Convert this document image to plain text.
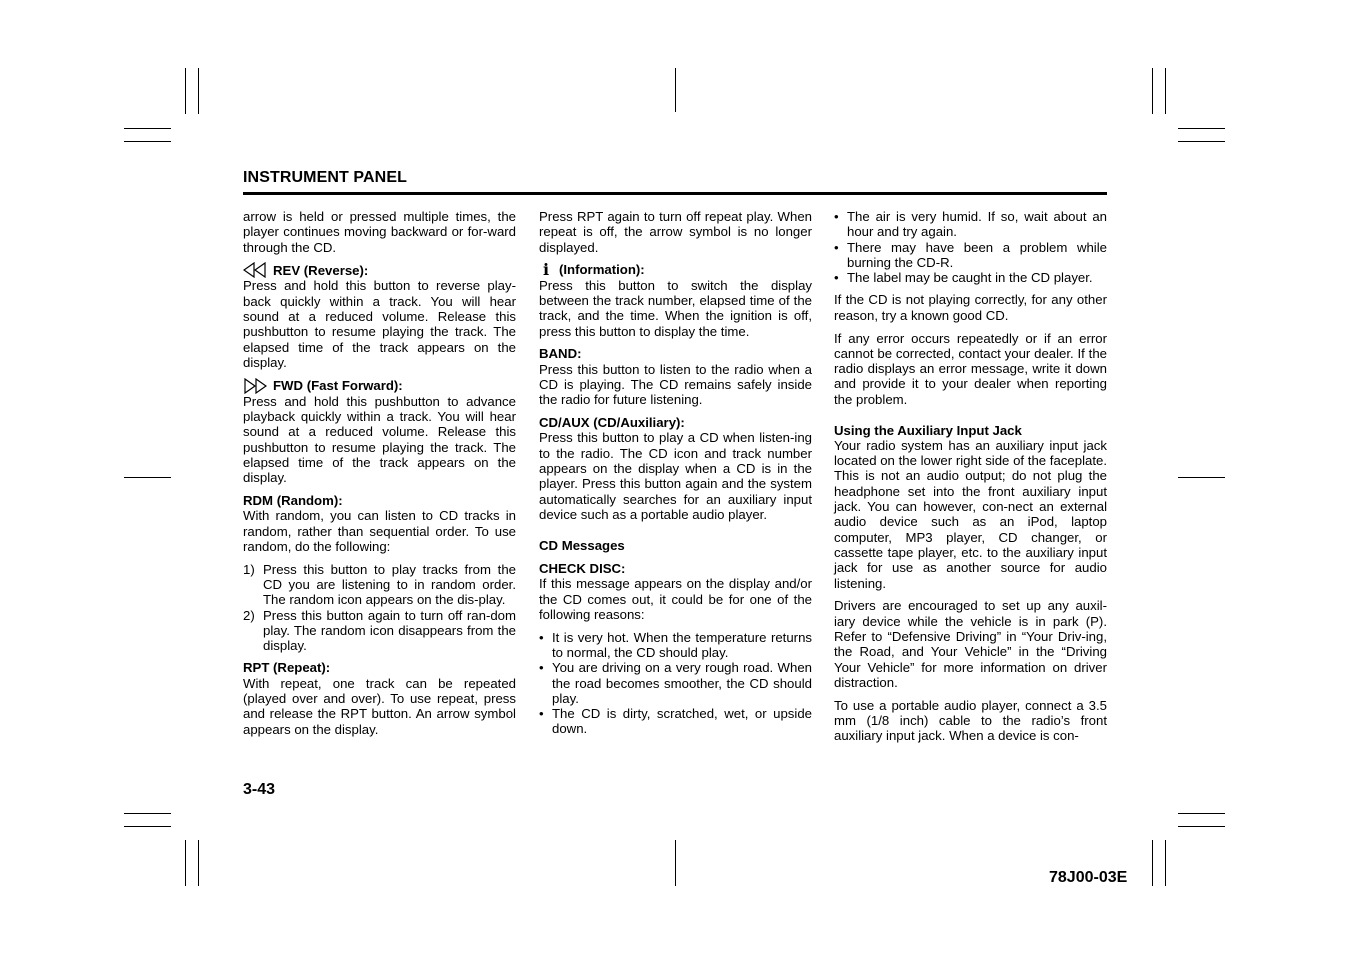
INSTRUMENT PANEL

arrow is held or pressed multiple times, the player continues moving backward or for-ward through the CD.

REV (Reverse):
Press and hold this button to reverse play-back quickly within a track. You will hear sound at a reduced volume. Release this pushbutton to resume playing the track. The elapsed time of the track appears on the display.

FWD (Fast Forward):
Press and hold this pushbutton to advance playback quickly within a track. You will hear sound at a reduced volume. Release this pushbutton to resume playing the track. The elapsed time of the track appears on the display.

RDM (Random):
With random, you can listen to CD tracks in random, rather than sequential order. To use random, do the following:

1) Press this button to play tracks from the CD you are listening to in random order. The random icon appears on the dis-play.
2) Press this button again to turn off ran-dom play. The random icon disappears from the display.

RPT (Repeat):
With repeat, one track can be repeated (played over and over). To use repeat, press and release the RPT button. An arrow symbol appears on the display.

Press RPT again to turn off repeat play. When repeat is off, the arrow symbol is no longer displayed.

i (Information):
Press this button to switch the display between the track number, elapsed time of the track, and the time. When the ignition is off, press this button to display the time.

BAND:
Press this button to listen to the radio when a CD is playing. The CD remains safely inside the radio for future listening.

CD/AUX (CD/Auxiliary):
Press this button to play a CD when listen-ing to the radio. The CD icon and track number appears on the display when a CD is in the player. Press this button again and the system automatically searches for an auxiliary input device such as a portable audio player.

CD Messages

CHECK DISC:
If this message appears on the display and/or the CD comes out, it could be for one of the following reasons:

• It is very hot. When the temperature returns to normal, the CD should play.
• You are driving on a very rough road. When the road becomes smoother, the CD should play.
• The CD is dirty, scratched, wet, or upside down.
• The air is very humid. If so, wait about an hour and try again.
• There may have been a problem while burning the CD-R.
• The label may be caught in the CD player.

If the CD is not playing correctly, for any other reason, try a known good CD.

If any error occurs repeatedly or if an error cannot be corrected, contact your dealer. If the radio displays an error message, write it down and provide it to your dealer when reporting the problem.

Using the Auxiliary Input Jack
Your radio system has an auxiliary input jack located on the lower right side of the faceplate. This is not an audio output; do not plug the headphone set into the front auxiliary input jack. You can however, con-nect an external audio device such as an iPod, laptop computer, MP3 player, CD changer, or cassette tape player, etc. to the auxiliary input jack for use as another source for audio listening.

Drivers are encouraged to set up any auxil-iary device while the vehicle is in park (P). Refer to “Defensive Driving” in “Your Driv-ing, the Road, and Your Vehicle” in the “Driving Your Vehicle” for more information on driver distraction.

To use a portable audio player, connect a 3.5 mm (1/8 inch) cable to the radio’s front auxiliary input jack. When a device is con-

3-43
78J00-03E
